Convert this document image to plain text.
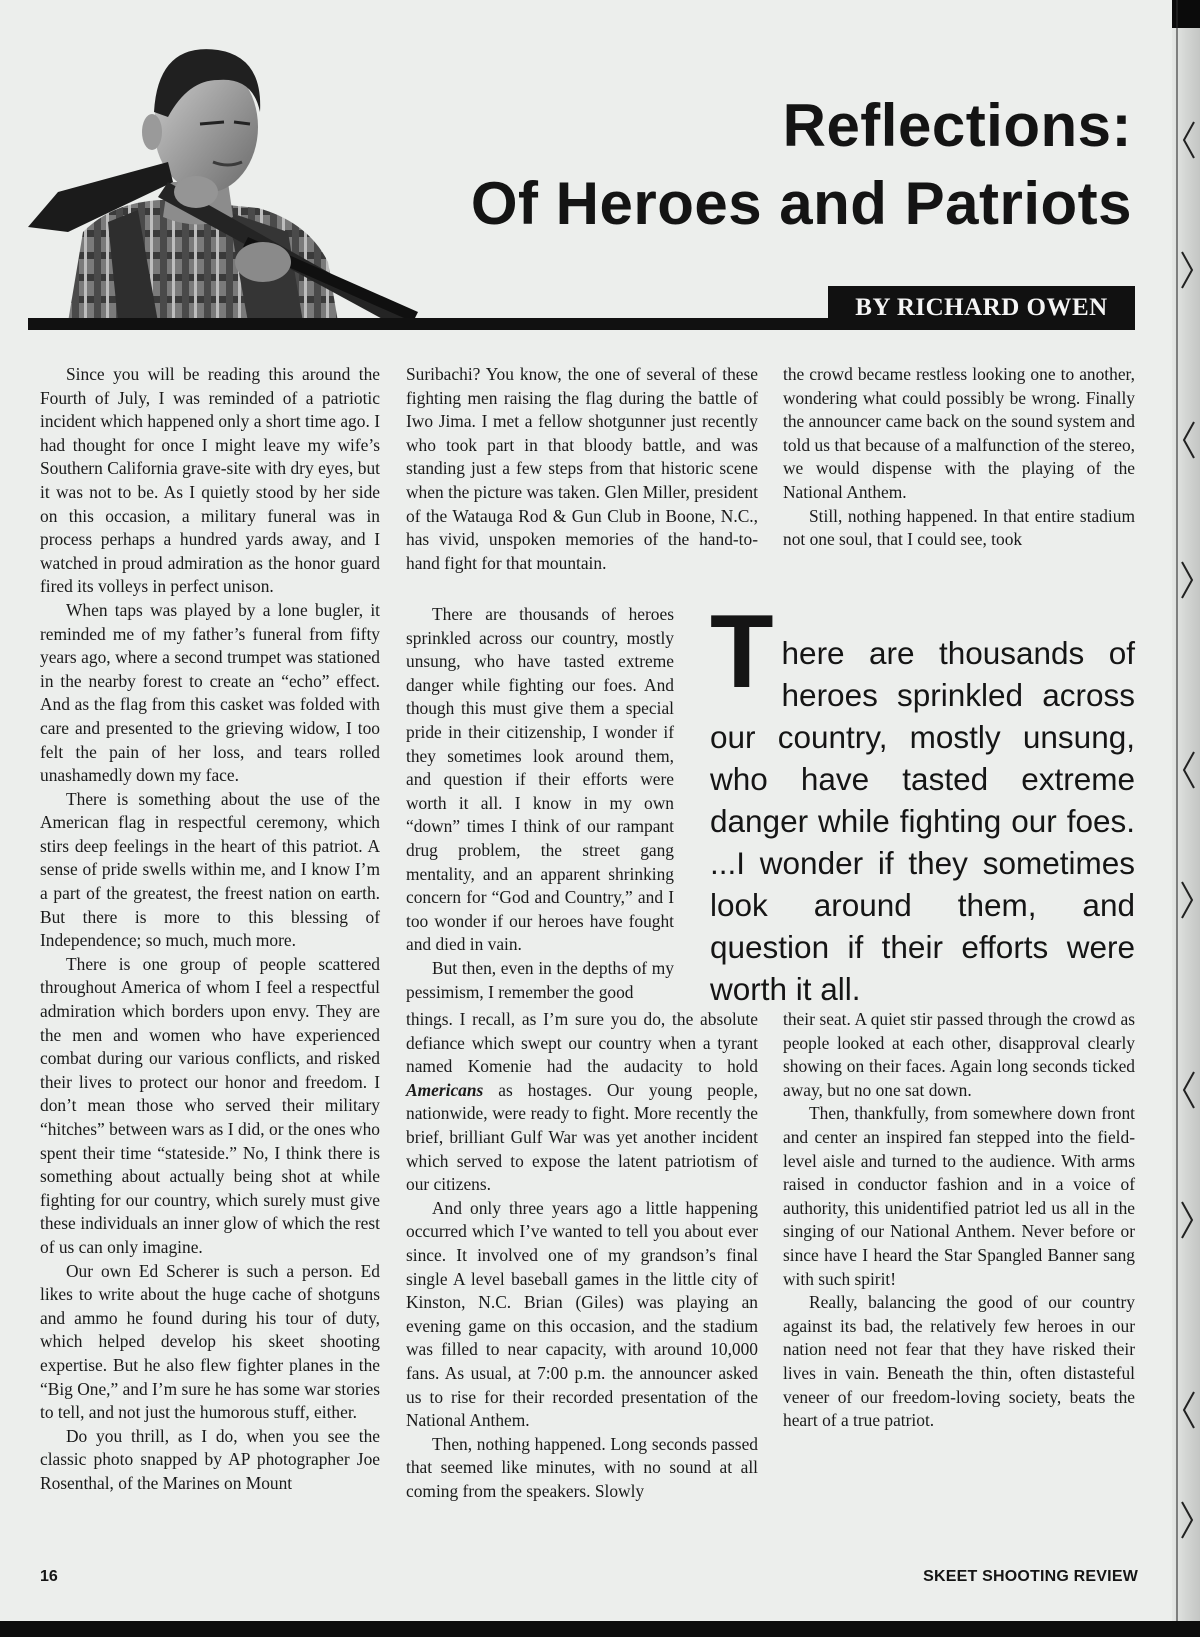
Reflections:
Of Heroes and Patriots
BY RICHARD OWEN

Since you will be reading this around the Fourth of July, I was reminded of a patriotic incident which happened only a short time ago. I had thought for once I might leave my wife’s Southern California grave-site with dry eyes, but it was not to be. As I quietly stood by her side on this occasion, a military funeral was in process perhaps a hundred yards away, and I watched in proud admiration as the honor guard fired its volleys in perfect unison.

When taps was played by a lone bugler, it reminded me of my father’s funeral from fifty years ago, where a second trumpet was stationed in the nearby forest to create an “echo” effect. And as the flag from this casket was folded with care and presented to the grieving widow, I too felt the pain of her loss, and tears rolled unashamedly down my face.

There is something about the use of the American flag in respectful ceremony, which stirs deep feelings in the heart of this patriot. A sense of pride swells within me, and I know I’m a part of the greatest, the freest nation on earth. But there is more to this blessing of Independence; so much, much more.

There is one group of people scattered throughout America of whom I feel a respectful admiration which borders upon envy. They are the men and women who have experienced combat during our various conflicts, and risked their lives to protect our honor and freedom. I don’t mean those who served their military “hitches” between wars as I did, or the ones who spent their time “stateside.” No, I think there is something about actually being shot at while fighting for our country, which surely must give these individuals an inner glow of which the rest of us can only imagine.

Our own Ed Scherer is such a person. Ed likes to write about the huge cache of shotguns and ammo he found during his tour of duty, which helped develop his skeet shooting expertise. But he also flew fighter planes in the “Big One,” and I’m sure he has some war stories to tell, and not just the humorous stuff, either.

Do you thrill, as I do, when you see the classic photo snapped by AP photographer Joe Rosenthal, of the Marines on Mount

Suribachi? You know, the one of several of these fighting men raising the flag during the battle of Iwo Jima. I met a fellow shotgunner just recently who took part in that bloody battle, and was standing just a few steps from that historic scene when the picture was taken. Glen Miller, president of the Watauga Rod & Gun Club in Boone, N.C., has vivid, unspoken memories of the hand-to-hand fight for that mountain.

There are thousands of heroes sprinkled across our country, mostly unsung, who have tasted extreme danger while fighting our foes. And though this must give them a special pride in their citizenship, I wonder if they sometimes look around them, and question if their efforts were worth it all. I know in my own “down” times I think of our rampant drug problem, the street gang mentality, and an apparent shrinking concern for “God and Country,” and I too wonder if our heroes have fought and died in vain.

But then, even in the depths of my pessimism, I remember the good

things. I recall, as I’m sure you do, the absolute defiance which swept our country when a tyrant named Komenie had the audacity to hold Americans as hostages. Our young people, nationwide, were ready to fight. More recently the brief, brilliant Gulf War was yet another incident which served to expose the latent patriotism of our citizens.

And only three years ago a little happening occurred which I’ve wanted to tell you about ever since. It involved one of my grandson’s final single A level baseball games in the little city of Kinston, N.C. Brian (Giles) was playing an evening game on this occasion, and the stadium was filled to near capacity, with around 10,000 fans. As usual, at 7:00 p.m. the announcer asked us to rise for their recorded presentation of the National Anthem.

Then, nothing happened. Long seconds passed that seemed like minutes, with no sound at all coming from the speakers. Slowly

the crowd became restless looking one to another, wondering what could possibly be wrong. Finally the announcer came back on the sound system and told us that because of a malfunction of the stereo, we would dispense with the playing of the National Anthem.

Still, nothing happened. In that entire stadium not one soul, that I could see, took

their seat. A quiet stir passed through the crowd as people looked at each other, disapproval clearly showing on their faces. Again long seconds ticked away, but no one sat down.

Then, thankfully, from somewhere down front and center an inspired fan stepped into the field-level aisle and turned to the audience. With arms raised in conductor fashion and in a voice of authority, this unidentified patriot led us all in the singing of our National Anthem. Never before or since have I heard the Star Spangled Banner sang with such spirit!

Really, balancing the good of our country against its bad, the relatively few heroes in our nation need not fear that they have risked their lives in vain. Beneath the thin, often distasteful veneer of our freedom-loving society, beats the heart of a true patriot.

There are thousands of heroes sprinkled across our country, mostly unsung, who have tasted extreme danger while fighting our foes. ...I wonder if they sometimes look around them, and question if their efforts were worth it all.
16	SKEET SHOOTING REVIEW
